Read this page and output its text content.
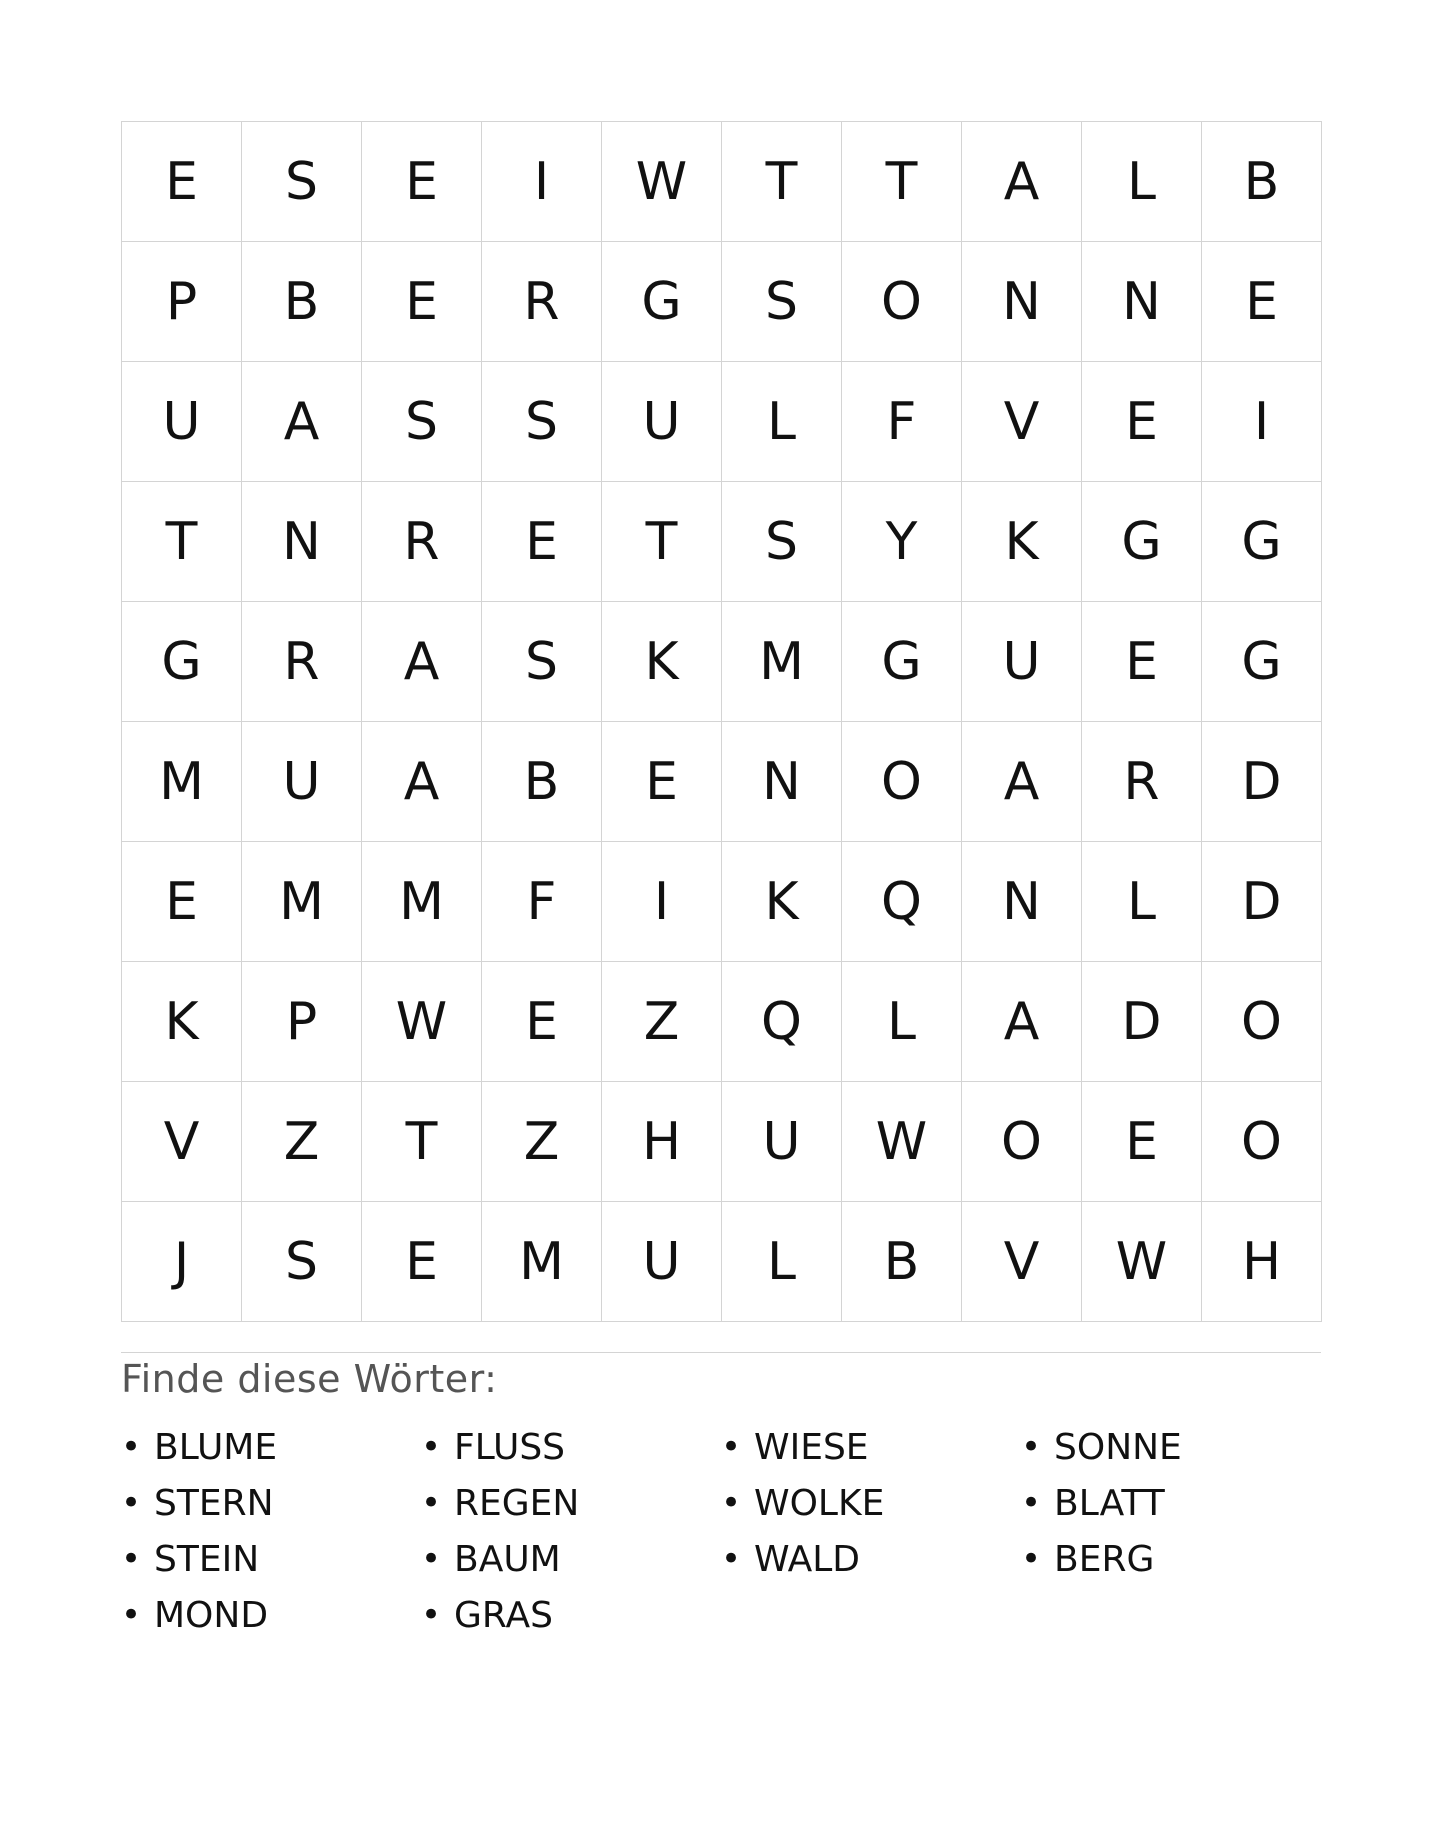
E	S	E	I	W	T	T	A	L	B
P	B	E	R	G	S	O	N	N	E
U	A	S	S	U	L	F	V	E	I
T	N	R	E	T	S	Y	K	G	G
G	R	A	S	K	M	G	U	E	G
M	U	A	B	E	N	O	A	R	D
E	M	M	F	I	K	Q	N	L	D
K	P	W	E	Z	Q	L	A	D	O
V	Z	T	Z	H	U	W	O	E	O
J	S	E	M	U	L	B	V	W	H
Finde diese Wörter:
• BLUME	• FLUSS	• WIESE	• SONNE
• STERN	• REGEN	• WOLKE	• BLATT
• STEIN	• BAUM	• WALD	• BERG
• MOND	• GRAS
